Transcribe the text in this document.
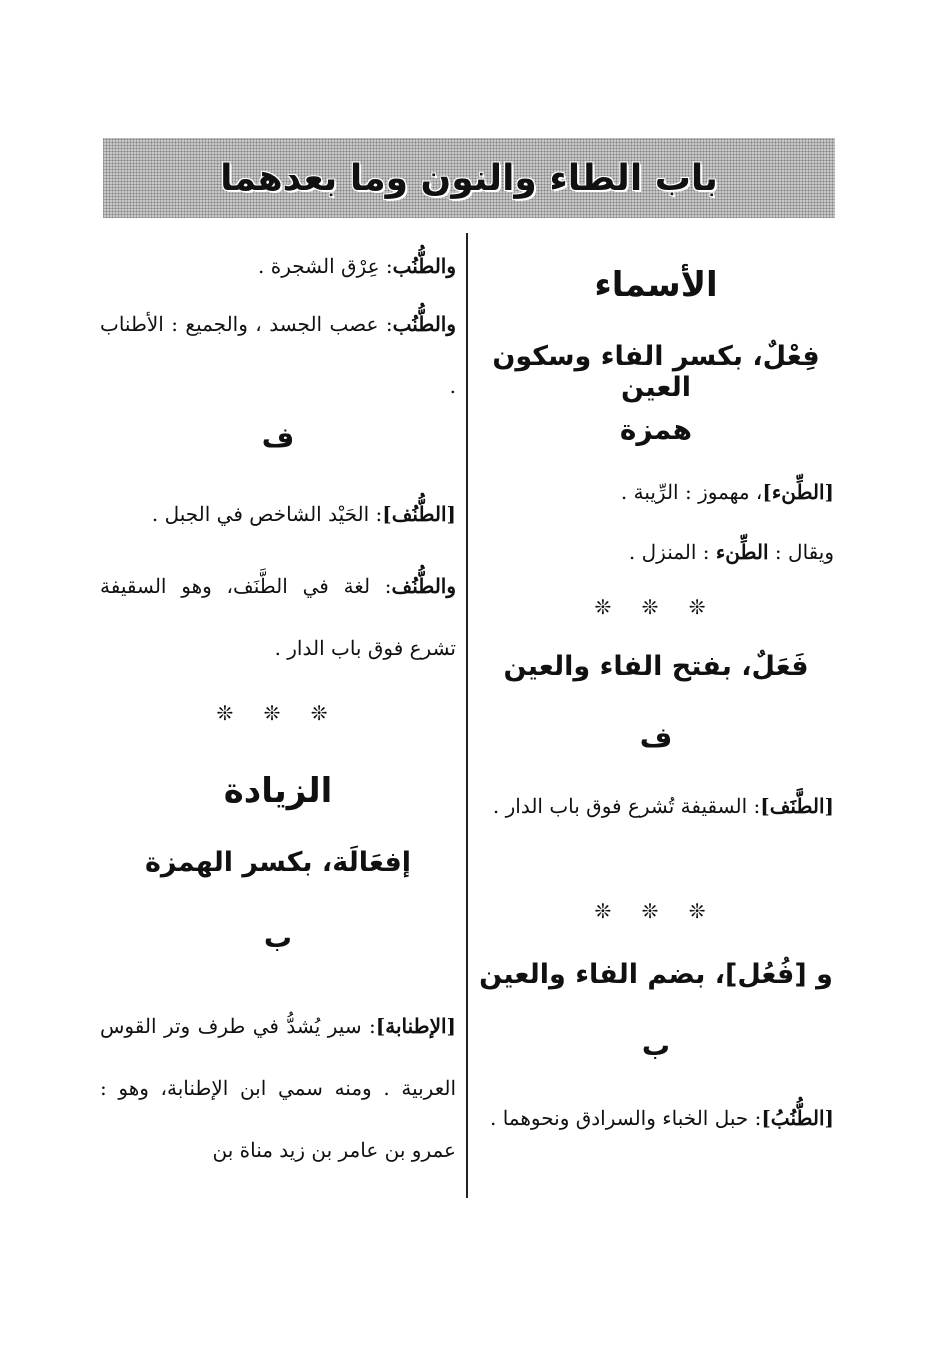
باب الطاء والنون وما بعدهما
الأسماء
فِعْلٌ، بكسر الفاء وسكون العين
همزة
[الطِّنء]، مهموز : الرِّيبة .
ويقال : الطِّنء : المنزل .
❊ ❊ ❊
فَعَلٌ، بفتح الفاء والعين
ف
[الطَّنَف]: السقيفة تُشرع فوق باب الدار .
❊ ❊ ❊
و [فُعُل]، بضم الفاء والعين
ب
[الطُّنُبُ]: حبل الخباء والسرادق ونحوهما .
والطُّنُب: عِرْق الشجرة .
والطُّنُب: عصب الجسد ، والجميع : الأطناب .
ف
[الطُّنُف]: الحَيْد الشاخص في الجبل .
والطُّنُف: لغة في الطَّنَف، وهو السقيفة تشرع فوق باب الدار .
❊ ❊ ❊
الزيادة
إفعَالَة، بكسر الهمزة
ب
[الإطنابة]: سير يُشدُّ في طرف وتر القوس العربية . ومنه سمي ابن الإطنابة، وهو : عمرو بن عامر بن زيد مناة بن
